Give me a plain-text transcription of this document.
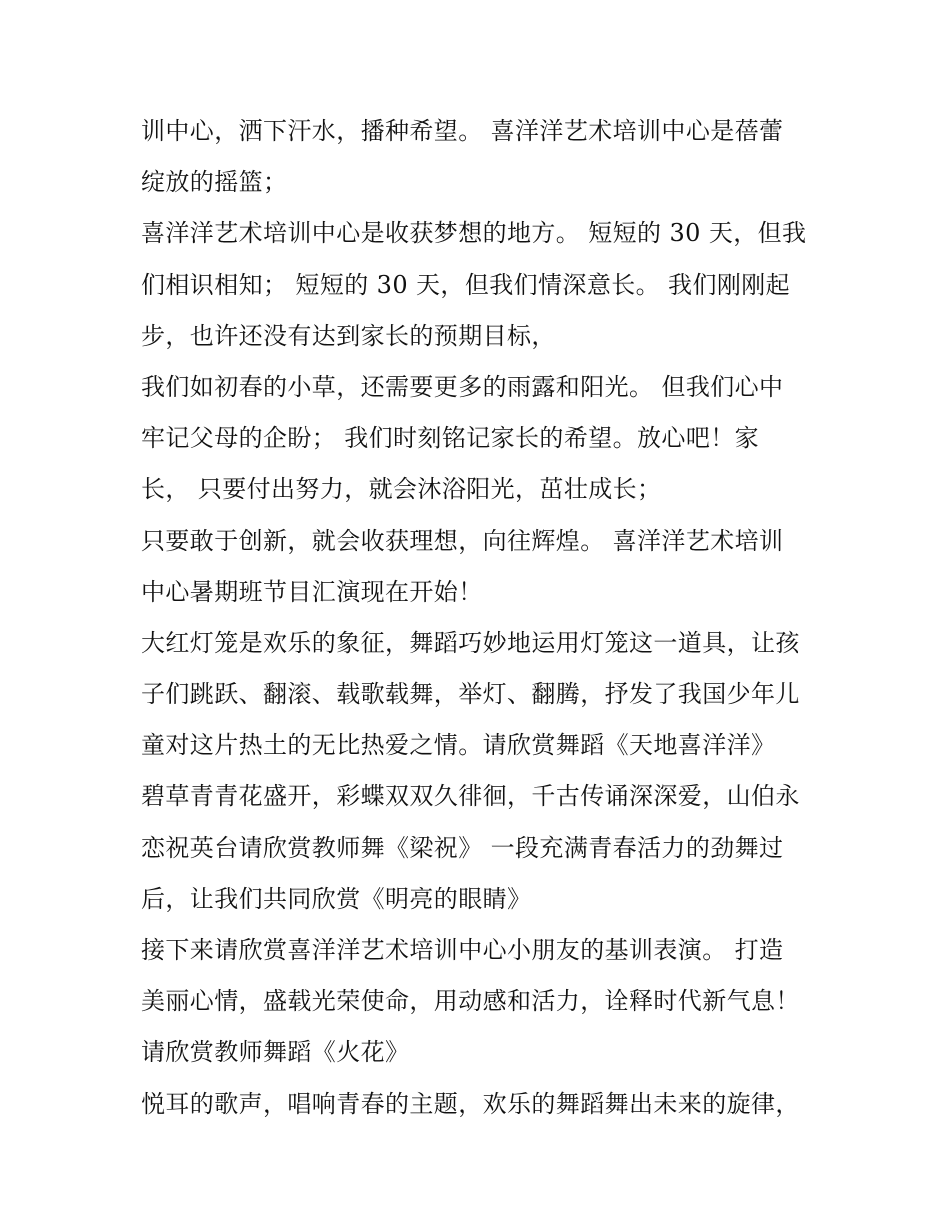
训中心，洒下汗水，播种希望。 喜洋洋艺术培训中心是蓓蕾
绽放的摇篮；
喜洋洋艺术培训中心是收获梦想的地方。 短短的 30 天，但我
们相识相知； 短短的 30 天，但我们情深意长。 我们刚刚起
步，也许还没有达到家长的预期目标，
我们如初春的小草，还需要更多的雨露和阳光。 但我们心中
牢记父母的企盼； 我们时刻铭记家长的希望。放心吧！家
长， 只要付出努力，就会沐浴阳光，茁壮成长；
只要敢于创新，就会收获理想，向往辉煌。 喜洋洋艺术培训
中心暑期班节目汇演现在开始！
大红灯笼是欢乐的象征，舞蹈巧妙地运用灯笼这一道具，让孩
子们跳跃、翻滚、载歌载舞，举灯、翻腾，抒发了我国少年儿
童对这片热土的无比热爱之情。请欣赏舞蹈《天地喜洋洋》
碧草青青花盛开，彩蝶双双久徘徊，千古传诵深深爱，山伯永
恋祝英台请欣赏教师舞《梁祝》 一段充满青春活力的劲舞过
后，让我们共同欣赏《明亮的眼睛》
接下来请欣赏喜洋洋艺术培训中心小朋友的基训表演。 打造
美丽心情，盛载光荣使命，用动感和活力，诠释时代新气息！
请欣赏教师舞蹈《火花》
悦耳的歌声，唱响青春的主题，欢乐的舞蹈舞出未来的旋律，
